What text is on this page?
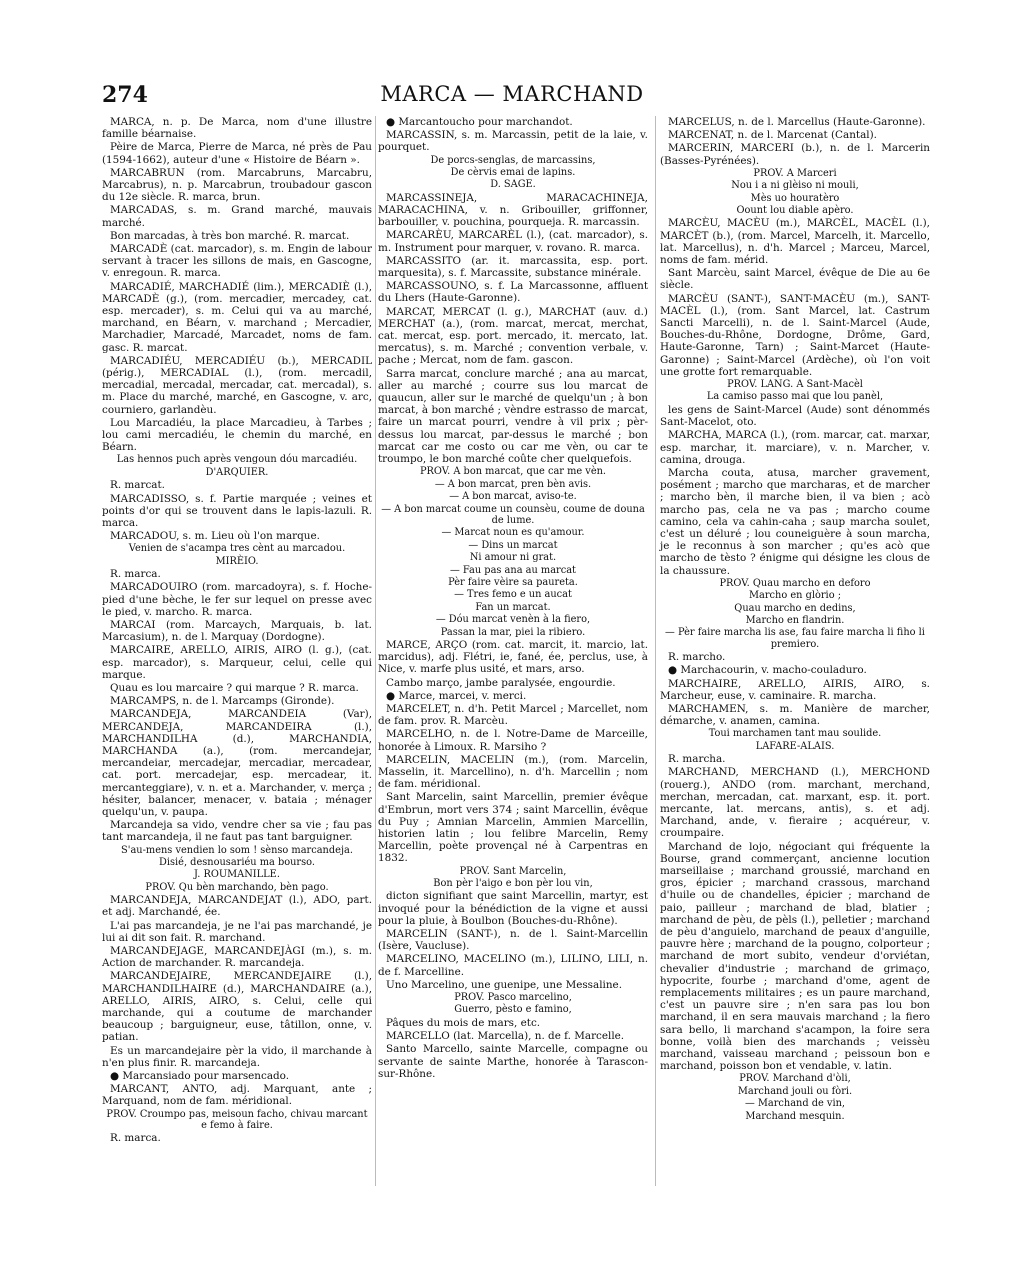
274	MARCA — MARCHAND

MARCA, n. p. De Marca, nom d'une illustre famille béarnaise.

Pèire de Marca, Pierre de Marca, né près de Pau (1594-1662), auteur d'une « Histoire de Béarn ».

MARCABRUN (rom. Marcabruns, Marcabru, Marcabrus), n. p. Marcabrun, troubadour gascon du 12e siècle. R. marca, brun.

MARCADAS, s. m. Grand marché, mauvais marché.

Bon marcadas, à très bon marché. R. marcat.

MARCADÈ (cat. marcador), s. m. Engin de labour servant à tracer les sillons de mais, en Gascogne, v. enregoun. R. marca.

MARCADIÉ, MARCHADIÉ (lim.), MERCADIÈ (l.), MARCADÈ (g.), (rom. mercadier, mercadey, cat. esp. mercader), s. m. Celui qui va au marché, marchand, en Béarn, v. marchand ; Mercadier, Marchadier, Marcadé, Marcadet, noms de fam. gasc. R. marcat.

MARCADIÉU, MERCADIÉU (b.), MERCADIL (périg.), MERCADIAL (l.), (rom. mercadil, mercadial, mercadal, mercadar, cat. mercadal), s. m. Place du marché, marché, en Gascogne, v. arc, courniero, garlandèu.

Lou Marcadiéu, la place Marcadieu, à Tarbes ; lou cami mercadiéu, le chemin du marché, en Béarn.

Las hennos puch après vengoun dóu marcadiéu.

D'ARQUIER.

R. marcat.

MARCADISSO, s. f. Partie marquée ; veines et points d'or qui se trouvent dans le lapis-lazuli. R. marca.

MARCADOU, s. m. Lieu où l'on marque.

Venien de s'acampa tres cènt au marcadou.

MIRÈIO.

R. marca.

MARCADOUIRO (rom. marcadoyra), s. f. Hoche-pied d'une bèche, le fer sur lequel on presse avec le pied, v. marcho. R. marca.

MARCAI (rom. Marcaych, Marquais, b. lat. Marcasium), n. de l. Marquay (Dordogne).

MARCAIRE, ARELLO, AIRIS, AIRO (l. g.), (cat. esp. marcador), s. Marqueur, celui, celle qui marque.

Quau es lou marcaire ? qui marque ? R. marca.

MARCAMPS, n. de l. Marcamps (Gironde).

MARCANDEJA, MARCANDEIA (Var), MERCANDEJA, MARCANDEIRA (l.), MARCHANDILHA (d.), MARCHANDIA, MARCHANDA (a.), (rom. mercandejar, mercandeiar, mercadejar, mercadiar, mercadear, cat. port. mercadejar, esp. mercadear, it. mercanteggiare), v. n. et a. Marchander, v. merça ; hésiter, balancer, menacer, v. bataia ; ménager quelqu'un, v. paupa.

Marcandeja sa vido, vendre cher sa vie ; fau pas tant marcandeja, il ne faut pas tant barguigner.

S'au-mens vendien lo som ! sènso marcandeja.

Disié, desnousariéu ma bourso.

J. ROUMANILLE.

PROV. Qu bèn marchando, bèn pago.

MARCANDEJA, MARCANDEJAT (l.), ADO, part. et adj. Marchandé, ée.

L'ai pas marcandeja, je ne l'ai pas marchandé, je lui ai dit son fait. R. marchand.

MARCANDEJAGE, MARCANDEJÀGI (m.), s. m. Action de marchander. R. marcandeja.

MARCANDEJAIRE, MERCANDEJAIRE (l.), MARCHANDILHAIRE (d.), MARCHANDAIRE (a.), ARELLO, AIRIS, AIRO, s. Celui, celle qui marchande, qui a coutume de marchander beaucoup ; barguigneur, euse, tâtillon, onne, v. patian.

Es un marcandejaire pèr la vido, il marchande à n'en plus finir. R. marcandeja.

● Marcansiado pour marsencado.

MARCANT, ANTO, adj. Marquant, ante ; Marquand, nom de fam. méridional.

PROV. Croumpo pas, meisoun facho, chivau marcant e femo à faire.

R. marca.

● Marcantoucho pour marchandot.

MARCASSIN, s. m. Marcassin, petit de la laie, v. pourquet.

De porcs-senglas, de marcassins,

De cèrvis emai de lapins.

D. SAGE.

MARCASSINEJA, MARACACHINEJA, MARACACHINA, v. n. Gribouiller, griffonner, barbouiller, v. pouchina, pourqueja. R. marcassin.

MARCARÈU, MARCARÈL (l.), (cat. marcador), s. m. Instrument pour marquer, v. rovano. R. marca.

MARCASSITO (ar. it. marcassita, esp. port. marquesita), s. f. Marcassite, substance minérale.

MARCASSOUNO, s. f. La Marcassonne, affluent du Lhers (Haute-Garonne).

MARCAT, MERCAT (l. g.), MARCHAT (auv. d.) MERCHAT (a.), (rom. marcat, mercat, merchat, cat. mercat, esp. port. mercado, it. mercato, lat. mercatus), s. m. Marché ; convention verbale, v. pache ; Mercat, nom de fam. gascon.

Sarra marcat, conclure marché ; ana au marcat, aller au marché ; courre sus lou marcat de quaucun, aller sur le marché de quelqu'un ; à bon marcat, à bon marché ; vèndre estrasso de marcat, faire un marcat pourri, vendre à vil prix ; pèr-dessus lou marcat, par-dessus le marché ; bon marcat car me costo ou car me vèn, ou car te troumpo, le bon marché coûte cher quelquefois.

PROV. A bon marcat, que car me vèn.

— A bon marcat, pren bèn avis.

— A bon marcat, aviso-te.

— A bon marcat coume un counsèu, coume de douna de lume.

— Marcat noun es qu'amour.

— Dins un marcat

Ni amour ni grat.

— Fau pas ana au marcat

Pèr faire vèire sa paureta.

— Tres femo e un aucat

Fan un marcat.

— Dóu marcat venèn à la fiero,

Passan la mar, piei la ribiero.

MARCE, ARÇO (rom. cat. marcit, it. marcio, lat. marcidus), adj. Flétri, ie, fané, ée, perclus, use, à Nice, v. marfe plus usité, et mars, arso.

Cambo março, jambe paralysée, engourdie.

● Marce, marcei, v. merci.

MARCELET, n. d'h. Petit Marcel ; Marcellet, nom de fam. prov. R. Marcèu.

MARCELHO, n. de l. Notre-Dame de Marceille, honorée à Limoux. R. Marsiho ?

MARCELIN, MACELIN (m.), (rom. Marcelin, Masselin, it. Marcellino), n. d'h. Marcellin ; nom de fam. méridional.

Sant Marcelin, saint Marcellin, premier évêque d'Embrun, mort vers 374 ; saint Marcellin, évêque du Puy ; Amnian Marcelin, Ammien Marcellin, historien latin ; lou felibre Marcelin, Remy Marcellin, poète provençal né à Carpentras en 1832.

PROV. Sant Marcelin,

Bon pèr l'aigo e bon pèr lou vin,

dicton signifiant que saint Marcellin, martyr, est invoqué pour la bénédiction de la vigne et aussi pour la pluie, à Boulbon (Bouches-du-Rhône).

MARCELIN (SANT-), n. de l. Saint-Marcellin (Isère, Vaucluse).

MARCELINO, MACELINO (m.), LILINO, LILI, n. de f. Marcelline.

Uno Marcelino, une guenipe, une Messaline.

PROV. Pasco marcelino,

Guerro, pèsto e famino,

Pâques du mois de mars, etc.

MARCELLO (lat. Marcella), n. de f. Marcelle.

Santo Marcello, sainte Marcelle, compagne ou servante de sainte Marthe, honorée à Tarascon-sur-Rhône.

MARCELUS, n. de l. Marcellus (Haute-Garonne).

MARCENAT, n. de l. Marcenat (Cantal).

MARCERIN, MARCERI (b.), n. de l. Marcerin (Basses-Pyrénées).

PROV. A Marceri

Nou i a ni glèiso ni mouli,

Mès uo houratèro

Oount lou diable apèro.

MARCÈU, MACÈU (m.), MARCÈL, MACÈL (l.), MARCÈT (b.), (rom. Marcel, Marcelh, it. Marcello, lat. Marcellus), n. d'h. Marcel ; Marceu, Marcel, noms de fam. mérid.

Sant Marcèu, saint Marcel, évêque de Die au 6e siècle.

MARCÈU (SANT-), SANT-MACÈU (m.), SANT-MACÈL (l.), (rom. Sant Marcel, lat. Castrum Sancti Marcelli), n. de l. Saint-Marcel (Aude, Bouches-du-Rhône, Dordogne, Drôme, Gard, Haute-Garonne, Tarn) ; Saint-Marcet (Haute-Garonne) ; Saint-Marcel (Ardèche), où l'on voit une grotte fort remarquable.

PROV. LANG. A Sant-Macèl

La camiso passo mai que lou panèl,

les gens de Saint-Marcel (Aude) sont dénommés Sant-Macelot, oto.

MARCHA, MARCA (l.), (rom. marcar, cat. marxar, esp. marchar, it. marciare), v. n. Marcher, v. camina, drouga.

Marcha couta, atusa, marcher gravement, posément ; marcho que marcharas, et de marcher ; marcho bèn, il marche bien, il va bien ; acò marcho pas, cela ne va pas ; marcho coume camino, cela va cahin-caha ; saup marcha soulet, c'est un déluré ; lou couneiguère à soun marcha, je le reconnus à son marcher ; qu'es acò que marcho de tèsto ? énigme qui désigne les clous de la chaussure.

PROV. Quau marcho en deforo

Marcho en glòrio ;

Quau marcho en dedins,

Marcho en flandrin.

— Pèr faire marcha lis ase, fau faire marcha li fiho li premiero.

R. marcho.

● Marchacourin, v. macho-couladuro.

MARCHAIRE, ARELLO, AIRIS, AIRO, s. Marcheur, euse, v. caminaire. R. marcha.

MARCHAMEN, s. m. Manière de marcher, démarche, v. anamen, camina.

Toui marchamen tant mau soulide.

LAFARE-ALAIS.

R. marcha.

MARCHAND, MERCHAND (l.), MERCHOND (rouerg.), ANDO (rom. marchant, merchand, merchan, mercadan, cat. marxant, esp. it. port. mercante, lat. mercans, antis), s. et adj. Marchand, ande, v. fieraire ; acquéreur, v. croumpaire.

Marchand de lojo, négociant qui fréquente la Bourse, grand commerçant, ancienne locution marseillaise ; marchand groussié, marchand en gros, épicier ; marchand crassous, marchand d'huile ou de chandelles, épicier ; marchand de paio, pailleur ; marchand de blad, blatier ; marchand de pèu, de pèls (l.), pelletier ; marchand de pèu d'anguielo, marchand de peaux d'anguille, pauvre hère ; marchand de la pougno, colporteur ; marchand de mort subito, vendeur d'orviétan, chevalier d'industrie ; marchand de grimaço, hypocrite, fourbe ; marchand d'ome, agent de remplacements militaires ; es un paure marchand, c'est un pauvre sire ; n'en sara pas lou bon marchand, il en sera mauvais marchand ; la fiero sara bello, li marchand s'acampon, la foire sera bonne, voilà bien des marchands ; veissèu marchand, vaisseau marchand ; peissoun bon e marchand, poisson bon et vendable, v. latin.

PROV. Marchand d'òli,

Marchand jouli ou fòri.

— Marchand de vin,

Marchand mesquin.
